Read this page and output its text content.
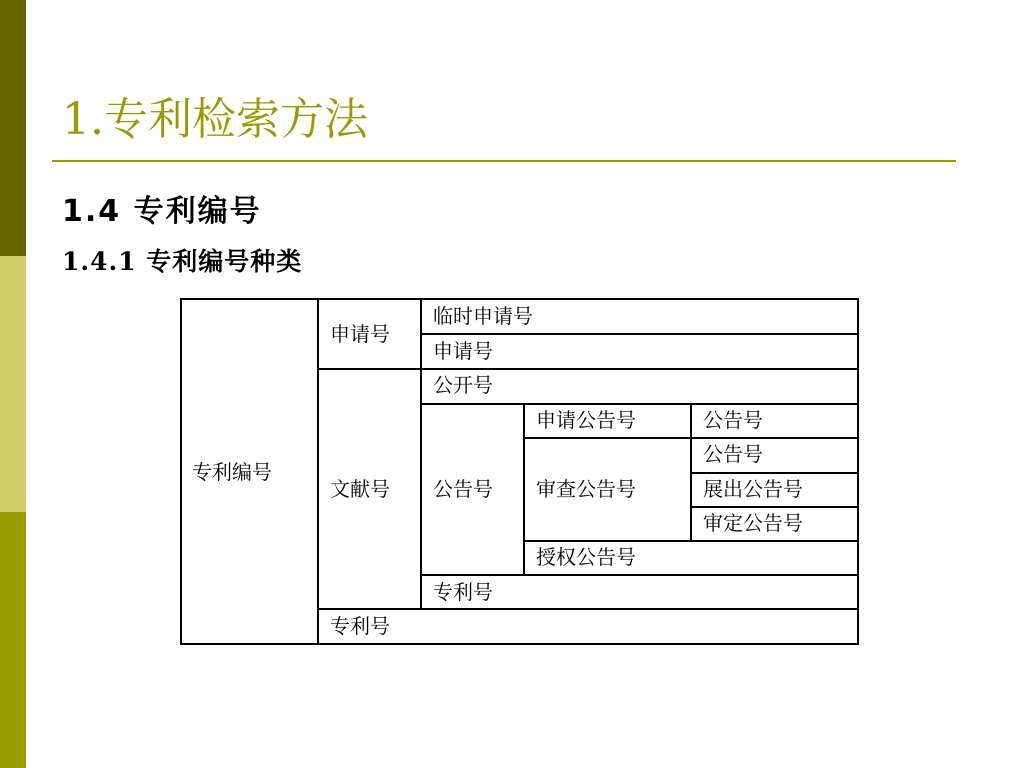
1.专利检索方法
1.4 专利编号
1.4.1 专利编号种类
专利编号
申请号
临时申请号
申请号
文献号
公开号
公告号
申请公告号	公告号
审查公告号
公告号
展出公告号
审定公告号
授权公告号
专利号
专利号
